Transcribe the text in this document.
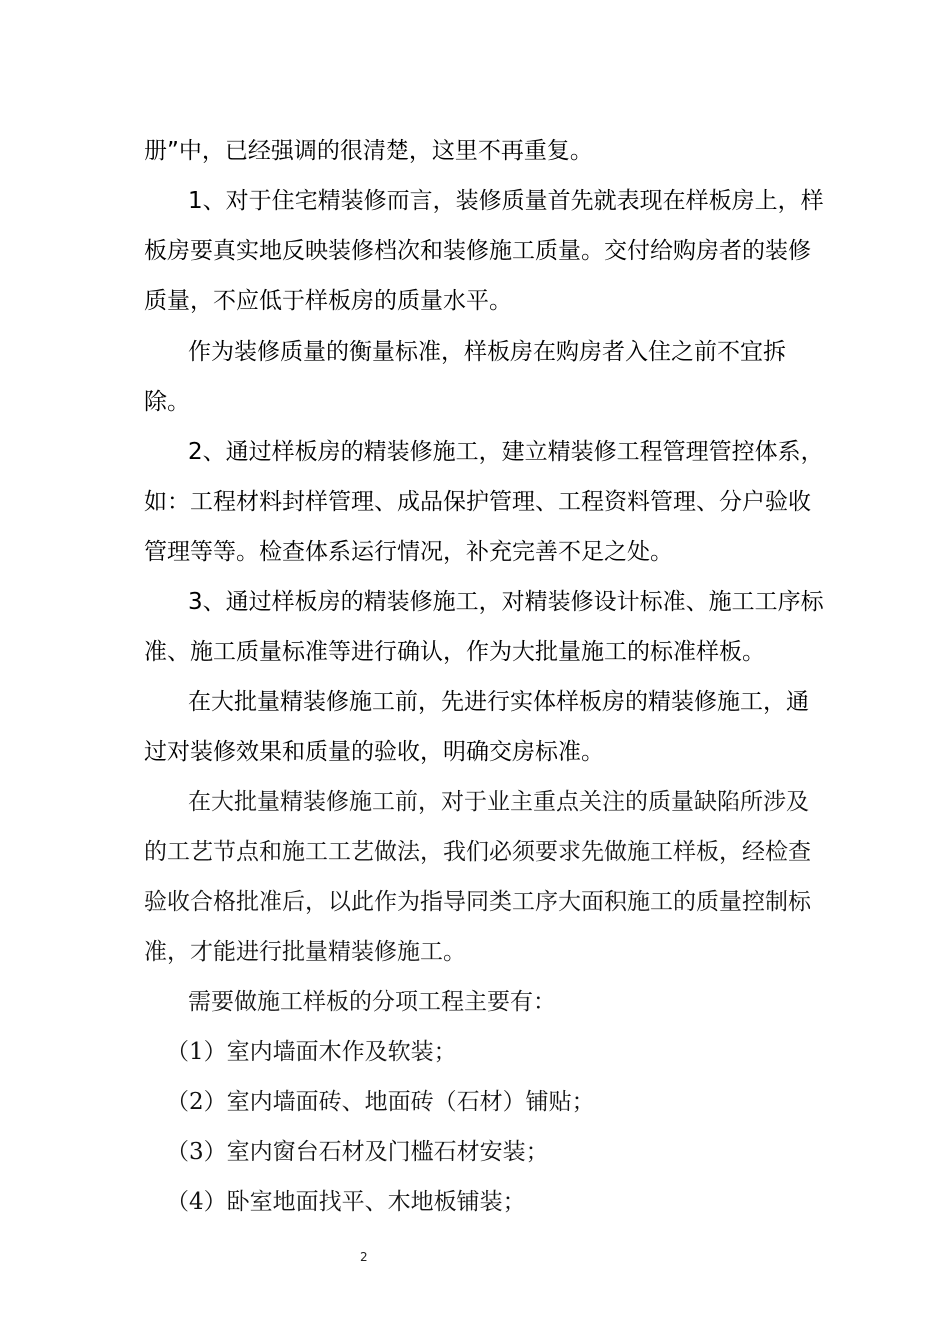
册”中，已经强调的很清楚，这里不再重复。
1、对于住宅精装修而言，装修质量首先就表现在样板房上，样
板房要真实地反映装修档次和装修施工质量。交付给购房者的装修
质量，不应低于样板房的质量水平。
作为装修质量的衡量标准，样板房在购房者入住之前不宜拆
除。
2、通过样板房的精装修施工，建立精装修工程管理管控体系，
如：工程材料封样管理、成品保护管理、工程资料管理、分户验收
管理等等。检查体系运行情况，补充完善不足之处。
3、通过样板房的精装修施工，对精装修设计标准、施工工序标
准、施工质量标准等进行确认，作为大批量施工的标准样板。
在大批量精装修施工前，先进行实体样板房的精装修施工，通
过对装修效果和质量的验收，明确交房标准。
在大批量精装修施工前，对于业主重点关注的质量缺陷所涉及
的工艺节点和施工工艺做法，我们必须要求先做施工样板，经检查
验收合格批准后，以此作为指导同类工序大面积施工的质量控制标
准，才能进行批量精装修施工。
需要做施工样板的分项工程主要有：
（1）室内墙面木作及软装；
（2）室内墙面砖、地面砖（石材）铺贴；
（3）室内窗台石材及门槛石材安装；
（4）卧室地面找平、木地板铺装；
2
